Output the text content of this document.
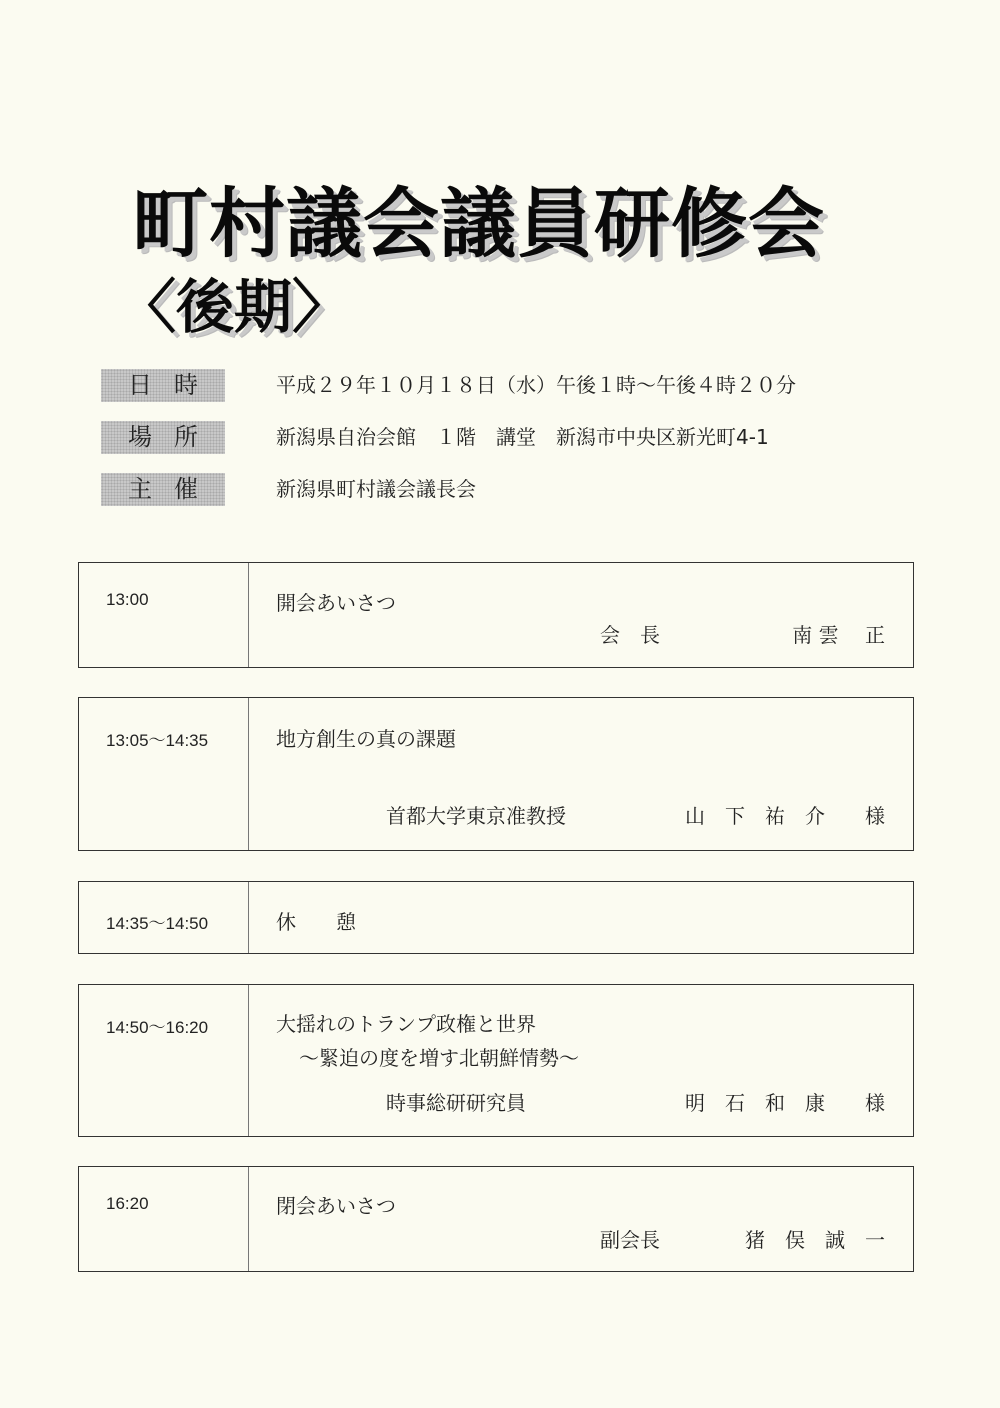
町村議会議員研修会
〈後期〉
日時	平成２９年１０月１８日（水）午後１時～午後４時２０分
場所	新潟県自治会館　１階　講堂　新潟市中央区新光町4-1
主催	新潟県町村議会議長会
13:00	開会あいさつ
会　長	南 雲　 正
13:05～14:35	地方創生の真の課題
首都大学東京准教授	山　下　祐　介　　様
14:35～14:50	休　　憩
14:50～16:20	大揺れのトランプ政権と世界
～緊迫の度を増す北朝鮮情勢～
時事総研研究員	明　石　和　康　　様
16:20	閉会あいさつ
副会長	猪　俣　誠　一
